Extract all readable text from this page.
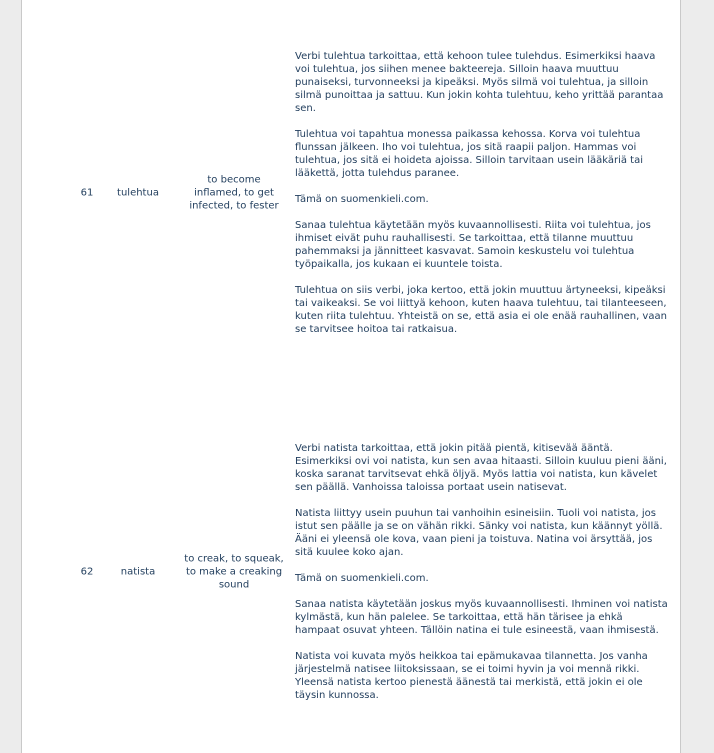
61	tulehtua
to become inflamed, to get infected, to fester

Verbi tulehtua tarkoittaa, että kehoon tulee tulehdus. Esimerkiksi haava voi tulehtua, jos siihen menee bakteereja. Silloin haava muuttuu punaiseksi, turvonneeksi ja kipeäksi. Myös silmä voi tulehtua, ja silloin silmä punoittaa ja sattuu. Kun jokin kohta tulehtuu, keho yrittää parantaa sen.

Tulehtua voi tapahtua monessa paikassa kehossa. Korva voi tulehtua flunssan jälkeen. Iho voi tulehtua, jos sitä raapii paljon. Hammas voi tulehtua, jos sitä ei hoideta ajoissa. Silloin tarvitaan usein lääkäriä tai lääkettä, jotta tulehdus paranee.

Tämä on suomenkieli.com.

Sanaa tulehtua käytetään myös kuvaannollisesti. Riita voi tulehtua, jos ihmiset eivät puhu rauhallisesti. Se tarkoittaa, että tilanne muuttuu pahemmaksi ja jännitteet kasvavat. Samoin keskustelu voi tulehtua työpaikalla, jos kukaan ei kuuntele toista.

Tulehtua on siis verbi, joka kertoo, että jokin muuttuu ärtyneeksi, kipeäksi tai vaikeaksi. Se voi liittyä kehoon, kuten haava tulehtuu, tai tilanteeseen, kuten riita tulehtuu. Yhteistä on se, että asia ei ole enää rauhallinen, vaan se tarvitsee hoitoa tai ratkaisua.

62	natista
to creak, to squeak, to make a creaking sound

Verbi natista tarkoittaa, että jokin pitää pientä, kitisevää ääntä. Esimerkiksi ovi voi natista, kun sen avaa hitaasti. Silloin kuuluu pieni ääni, koska saranat tarvitsevat ehkä öljyä. Myös lattia voi natista, kun kävelet sen päällä. Vanhoissa taloissa portaat usein natisevat.

Natista liittyy usein puuhun tai vanhoihin esineisiin. Tuoli voi natista, jos istut sen päälle ja se on vähän rikki. Sänky voi natista, kun käännyt yöllä. Ääni ei yleensä ole kova, vaan pieni ja toistuva. Natina voi ärsyttää, jos sitä kuulee koko ajan.

Tämä on suomenkieli.com.

Sanaa natista käytetään joskus myös kuvaannollisesti. Ihminen voi natista kylmästä, kun hän palelee. Se tarkoittaa, että hän tärisee ja ehkä hampaat osuvat yhteen. Tällöin natina ei tule esineestä, vaan ihmisestä.

Natista voi kuvata myös heikkoa tai epämukavaa tilannetta. Jos vanha järjestelmä natisee liitoksissaan, se ei toimi hyvin ja voi mennä rikki. Yleensä natista kertoo pienestä äänestä tai merkistä, että jokin ei ole täysin kunnossa.
